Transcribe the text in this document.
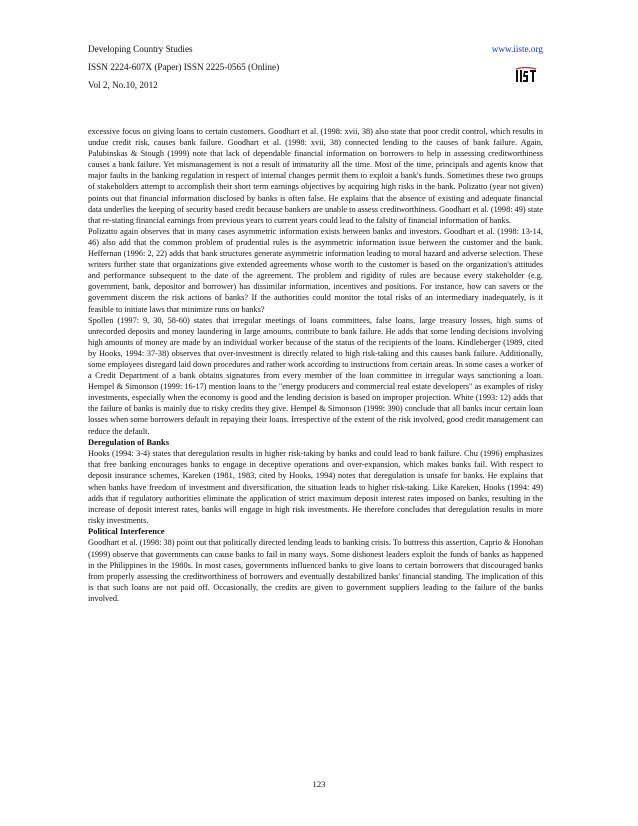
Developing Country Studies	www.iiste.org
ISSN 2224-607X (Paper) ISSN 2225-0565 (Online)
Vol 2, No.10, 2012

excessive focus on giving loans to certain customers. Goodhart et al. (1998: xvii, 38) also state that poor credit control, which results in undue credit risk, causes bank failure. Goodhart et al. (1998: xvii, 38) connected lending to the causes of bank failure. Again, Palubinskas & Stough (1999) note that lack of dependable financial information on borrowers to help in assessing creditworthiness causes a bank failure. Yet mismanagement is not a result of immaturity all the time. Most of the time, principals and agents know that major faults in the banking regulation in respect of internal changes permit them to exploit a bank's funds. Sometimes these two groups of stakeholders attempt to accomplish their short term earnings objectives by acquiring high risks in the bank. Polizatto (year not given) points out that financial information disclosed by banks is often false. He explains that the absence of existing and adequate financial data underlies the keeping of security based credit because bankers are unable to assess creditworthiness. Goodhart et al. (1998: 49) state that re-stating financial earnings from previous years to current years could lead to the falsity of financial information of banks.

Polizatto again observes that in many cases asymmetric information exists between banks and investors. Goodhart et al. (1998: 13-14, 46) also add that the common problem of prudential rules is the asymmetric information issue between the customer and the bank. Heffernan (1996: 2, 22) adds that bank structures generate asymmetric information leading to moral hazard and adverse selection. These writers further state that organizations give extended agreements whose worth to the customer is based on the organization's attitudes and performance subsequent to the date of the agreement. The problem and rigidity of rules are because every stakeholder (e.g. government, bank, depositor and borrower) has dissimilar information, incentives and positions. For instance, how can savers or the government discern the risk actions of banks? If the authorities could monitor the total risks of an intermediary inadequately, is it feasible to initiate laws that minimize runs on banks?

Spollen (1997: 9, 30, 58-60) states that irregular meetings of loans committees, false loans, large treasury losses, high sums of unrecorded deposits and money laundering in large amounts, contribute to bank failure. He adds that some lending decisions involving high amounts of money are made by an individual worker because of the status of the recipients of the loans. Kindleberger (1989, cited by Hooks, 1994: 37-38) observes that over-investment is directly related to high risk-taking and this causes bank failure. Additionally, some employees disregard laid down procedures and rather work according to instructions from certain areas. In some cases a worker of a Credit Department of a bank obtains signatures from every member of the loan committee in irregular ways sanctioning a loan. Hempel & Simonson (1999: 16-17) mention loans to the "energy producers and commercial real estate developers" as examples of risky investments, especially when the economy is good and the lending decision is based on improper projection. White (1993: 12) adds that the failure of banks is mainly due to risky credits they give. Hempel & Simonson (1999: 390) conclude that all banks incur certain loan losses when some borrowers default in repaying their loans. Irrespective of the extent of the risk involved, good credit management can reduce the default.

Deregulation of Banks

Hooks (1994: 3-4) states that deregulation results in higher risk-taking by banks and could lead to bank failure. Chu (1996) emphasizes that free banking encourages banks to engage in deceptive operations and over-expansion, which makes banks fail. With respect to deposit insurance schemes, Kareken (1981, 1983, cited by Hooks, 1994) notes that deregulation is unsafe for banks. He explains that when banks have freedom of investment and diversification, the situation leads to higher risk-taking. Like Kareken, Hooks (1994: 49) adds that if regulatory authorities eliminate the application of strict maximum deposit interest rates imposed on banks, resulting in the increase of deposit interest rates, banks will engage in high risk investments. He therefore concludes that deregulation results in more risky investments.

Political Interference

Goodhart et al. (1998: 38) point out that politically directed lending leads to banking crisis. To buttress this assertion, Caprio & Honohan (1999) observe that governments can cause banks to fail in many ways. Some dishonest leaders exploit the funds of banks as happened in the Philippines in the 1980s. In most cases, governments influenced banks to give loans to certain borrowers that discouraged banks from properly assessing the creditworthiness of borrowers and eventually destabilized banks' financial standing. The implication of this is that such loans are not paid off. Occasionally, the credits are given to government suppliers leading to the failure of the banks involved.

123
